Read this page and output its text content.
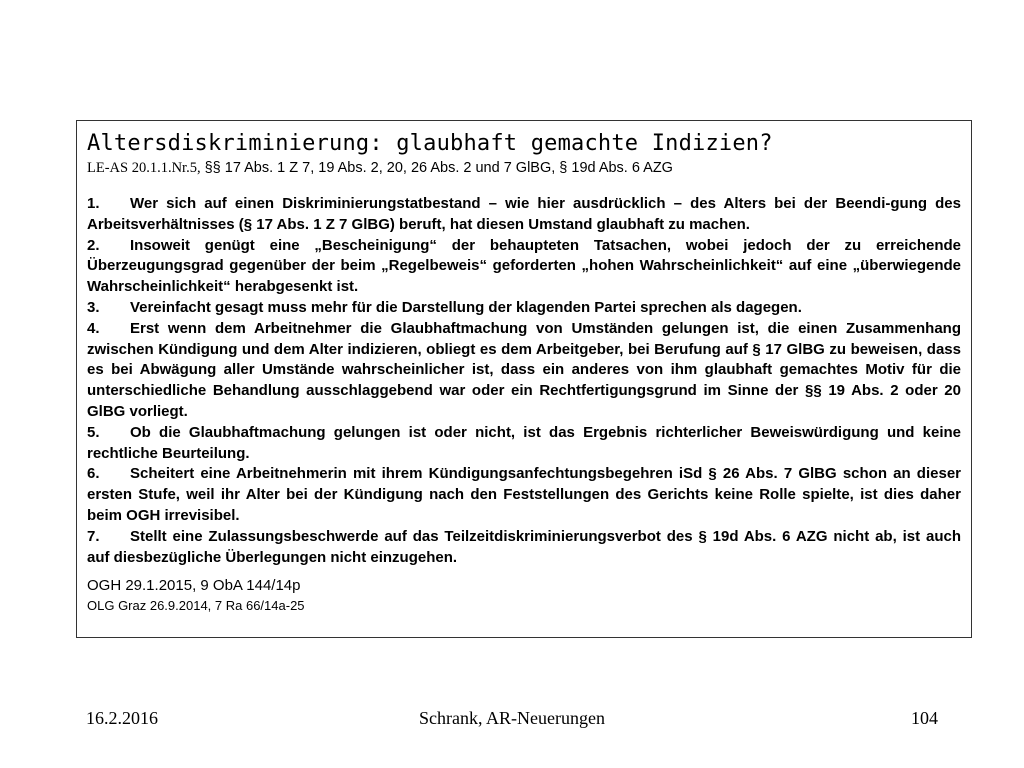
Altersdiskriminierung: glaubhaft gemachte Indizien?

LE-AS 20.1.1.Nr.5, §§ 17 Abs. 1 Z 7, 19 Abs. 2, 20, 26 Abs. 2 und 7 GlBG, § 19d Abs. 6 AZG

1. Wer sich auf einen Diskriminierungstatbestand – wie hier ausdrücklich – des Alters bei der Beendi-gung des Arbeitsverhältnisses (§ 17 Abs. 1 Z 7 GlBG) beruft, hat diesen Umstand glaubhaft zu machen.

2. Insoweit genügt eine „Bescheinigung“ der behaupteten Tatsachen, wobei jedoch der zu erreichende Überzeugungsgrad gegenüber der beim „Regelbeweis“ geforderten „hohen Wahrscheinlichkeit“ auf eine „überwiegende Wahrscheinlichkeit“ herabgesenkt ist.

3. Vereinfacht gesagt muss mehr für die Darstellung der klagenden Partei sprechen als dagegen.

4. Erst wenn dem Arbeitnehmer die Glaubhaftmachung von Umständen gelungen ist, die einen Zusammenhang zwischen Kündigung und dem Alter indizieren, obliegt es dem Arbeitgeber, bei Berufung auf § 17 GlBG zu beweisen, dass es bei Abwägung aller Umstände wahrscheinlicher ist, dass ein anderes von ihm glaubhaft gemachtes Motiv für die unterschiedliche Behandlung ausschlaggebend war oder ein Rechtfertigungsgrund im Sinne der §§ 19 Abs. 2 oder 20 GlBG vorliegt.

5. Ob die Glaubhaftmachung gelungen ist oder nicht, ist das Ergebnis richterlicher Beweiswürdigung und keine rechtliche Beurteilung.

6. Scheitert eine Arbeitnehmerin mit ihrem Kündigungsanfechtungsbegehren iSd § 26 Abs. 7 GlBG schon an dieser ersten Stufe, weil ihr Alter bei der Kündigung nach den Feststellungen des Gerichts keine Rolle spielte, ist dies daher beim OGH irrevisibel.

7. Stellt eine Zulassungsbeschwerde auf das Teilzeitdiskriminierungsverbot des § 19d Abs. 6 AZG nicht ab, ist auch auf diesbezügliche Überlegungen nicht einzugehen.

OGH 29.1.2015, 9 ObA 144/14p
OLG Graz 26.9.2014, 7 Ra 66/14a-25
16.2.2016	Schrank, AR-Neuerungen	104
